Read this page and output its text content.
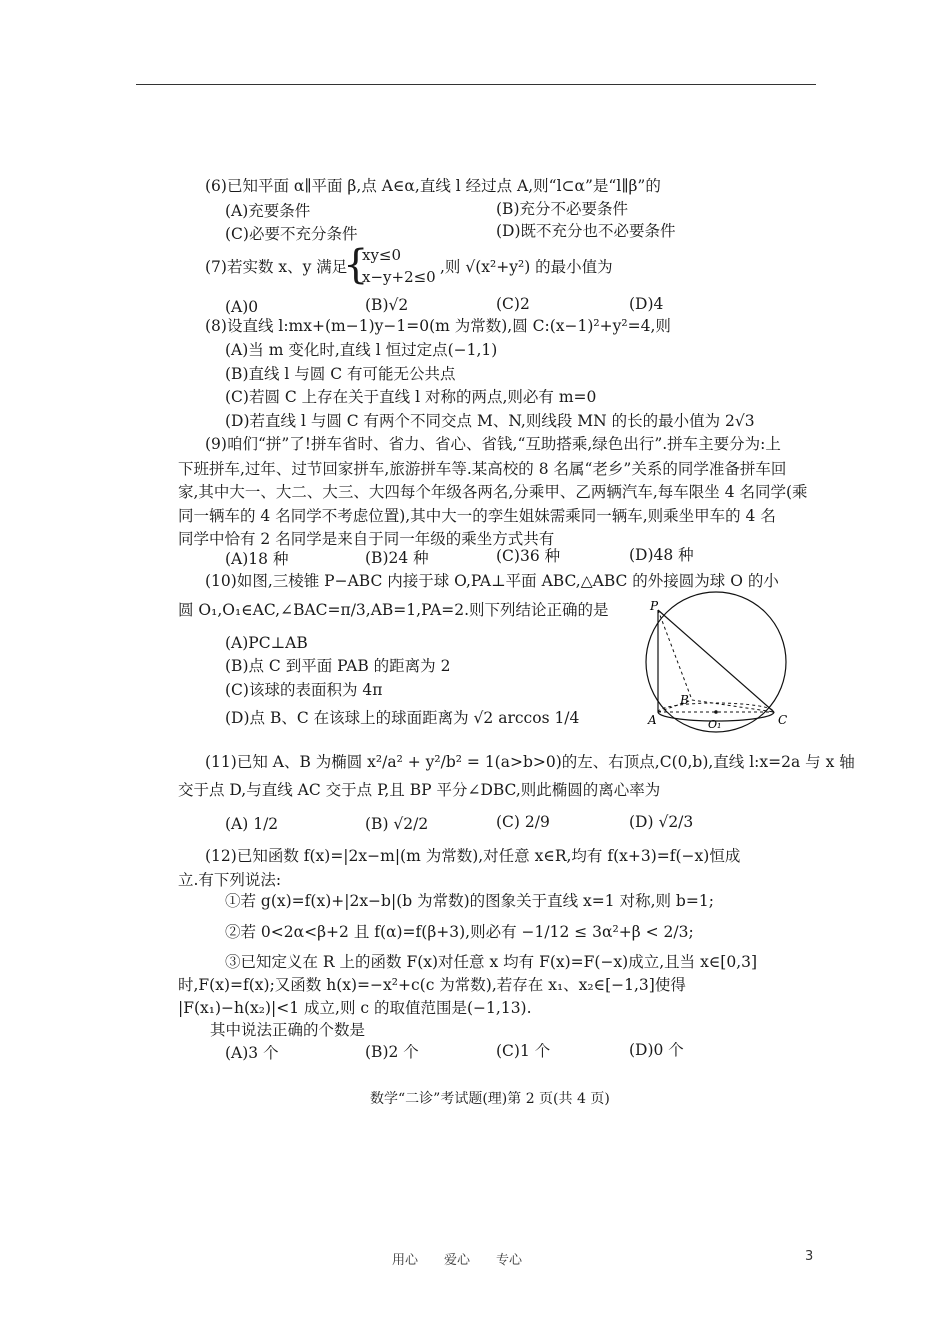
(6)已知平面 α∥平面 β,点 A∈α,直线 l 经过点 A,则“l⊂α”是“l∥β”的
(A)充要条件	(B)充分不必要条件
(C)必要不充分条件	(D)既不充分也不必要条件
(7)若实数 x、y 满足
{
xy≤0
x−y+2≤0
,则 √(x²+y²) 的最小值为
(A)0	(B)√2	(C)2	(D)4
(8)设直线 l:mx+(m−1)y−1=0(m 为常数),圆 C:(x−1)²+y²=4,则
(A)当 m 变化时,直线 l 恒过定点(−1,1)
(B)直线 l 与圆 C 有可能无公共点
(C)若圆 C 上存在关于直线 l 对称的两点,则必有 m=0
(D)若直线 l 与圆 C 有两个不同交点 M、N,则线段 MN 的长的最小值为 2√3
(9)咱们“拼”了!拼车省时、省力、省心、省钱,“互助搭乘,绿色出行”.拼车主要分为:上
下班拼车,过年、过节回家拼车,旅游拼车等.某高校的 8 名属“老乡”关系的同学准备拼车回
家,其中大一、大二、大三、大四每个年级各两名,分乘甲、乙两辆汽车,每车限坐 4 名同学(乘
同一辆车的 4 名同学不考虑位置),其中大一的孪生姐妹需乘同一辆车,则乘坐甲车的 4 名
同学中恰有 2 名同学是来自于同一年级的乘坐方式共有
(A)18 种	(B)24 种	(C)36 种	(D)48 种
(10)如图,三棱锥 P−ABC 内接于球 O,PA⊥平面 ABC,△ABC 的外接圆为球 O 的小
圆 O₁,O₁∈AC,∠BAC=π/3,AB=1,PA=2.则下列结论正确的是
(A)PC⊥AB
(B)点 C 到平面 PAB 的距离为 2
(C)该球的表面积为 4π
(D)点 B、C 在该球上的球面距离为 √2 arccos 1/4
P
B
A	O₁	C
(11)已知 A、B 为椭圆 x²/a² + y²/b² = 1(a>b>0)的左、右顶点,C(0,b),直线 l:x=2a 与 x 轴
交于点 D,与直线 AC 交于点 P,且 BP 平分∠DBC,则此椭圆的离心率为
(A) 1/2	(B) √2/2	(C) 2/9	(D) √2/3
(12)已知函数 f(x)=|2x−m|(m 为常数),对任意 x∈R,均有 f(x+3)=f(−x)恒成
立.有下列说法:
①若 g(x)=f(x)+|2x−b|(b 为常数)的图象关于直线 x=1 对称,则 b=1;
②若 0<2α<β+2 且 f(α)=f(β+3),则必有 −1/12 ≤ 3α²+β < 2/3;
③已知定义在 R 上的函数 F(x)对任意 x 均有 F(x)=F(−x)成立,且当 x∈[0,3]
时,F(x)=f(x);又函数 h(x)=−x²+c(c 为常数),若存在 x₁、x₂∈[−1,3]使得
|F(x₁)−h(x₂)|<1 成立,则 c 的取值范围是(−1,13).
其中说法正确的个数是
(A)3 个	(B)2 个	(C)1 个	(D)0 个
数学“二诊”考试题(理)第 2 页(共 4 页)
用心　　爱心　　专心	3
